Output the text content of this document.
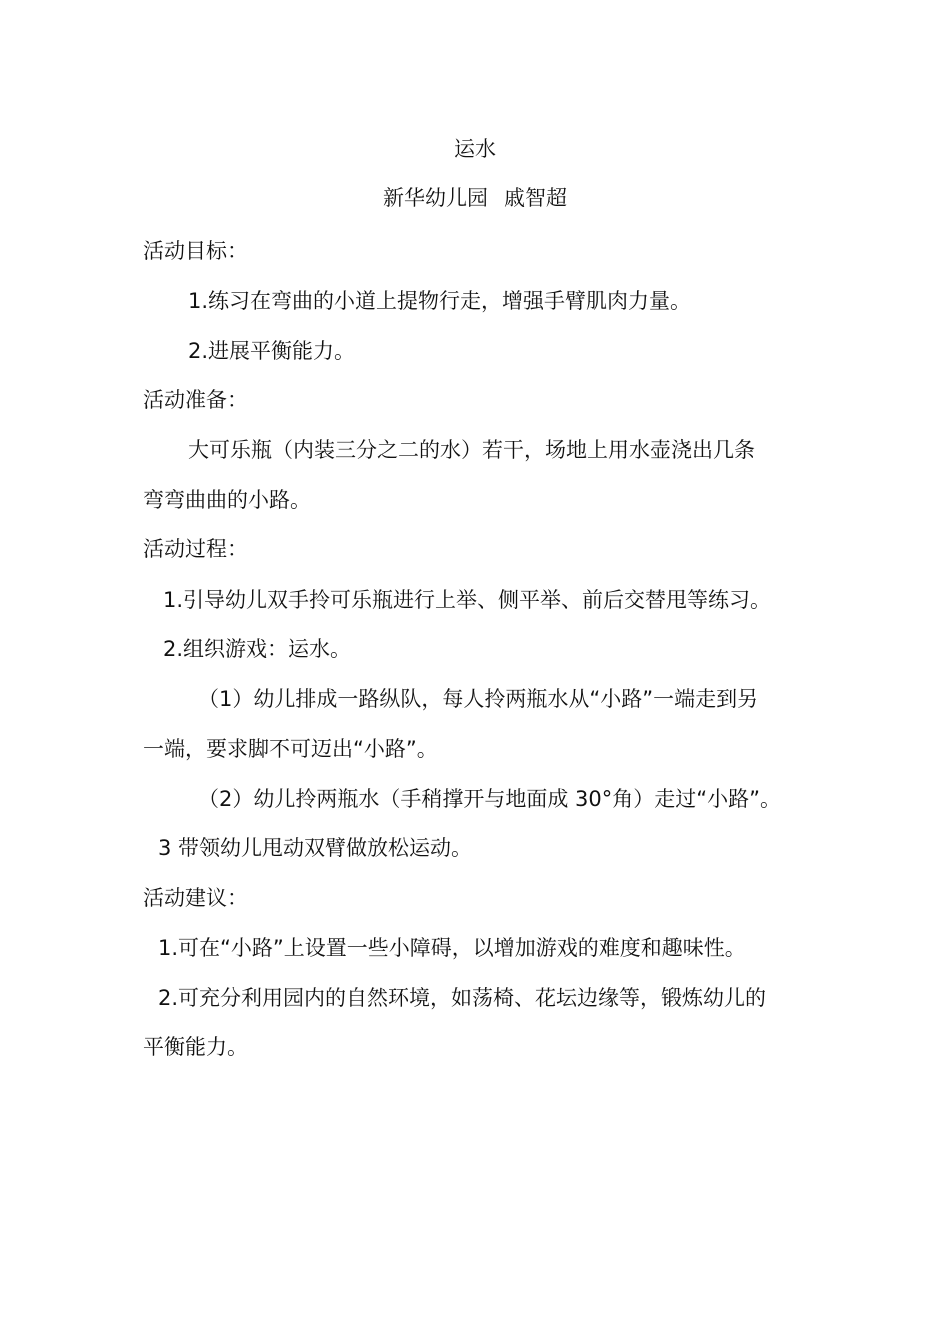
运水
新华幼儿园 戚智超
活动目标：
1.练习在弯曲的小道上提物行走，增强手臂肌肉力量。
2.进展平衡能力。
活动准备：
大可乐瓶（内装三分之二的水）若干，场地上用水壶浇出几条
弯弯曲曲的小路。
活动过程：
1.引导幼儿双手拎可乐瓶进行上举、侧平举、前后交替甩等练习。
2.组织游戏：运水。
（1）幼儿排成一路纵队，每人拎两瓶水从“小路”一端走到另
一端，要求脚不可迈出“小路”。
（2）幼儿拎两瓶水（手稍撑开与地面成 30°角）走过“小路”。
3 带领幼儿甩动双臂做放松运动。
活动建议：
1.可在“小路”上设置一些小障碍，以增加游戏的难度和趣味性。
2.可充分利用园内的自然环境，如荡椅、花坛边缘等，锻炼幼儿的
平衡能力。
